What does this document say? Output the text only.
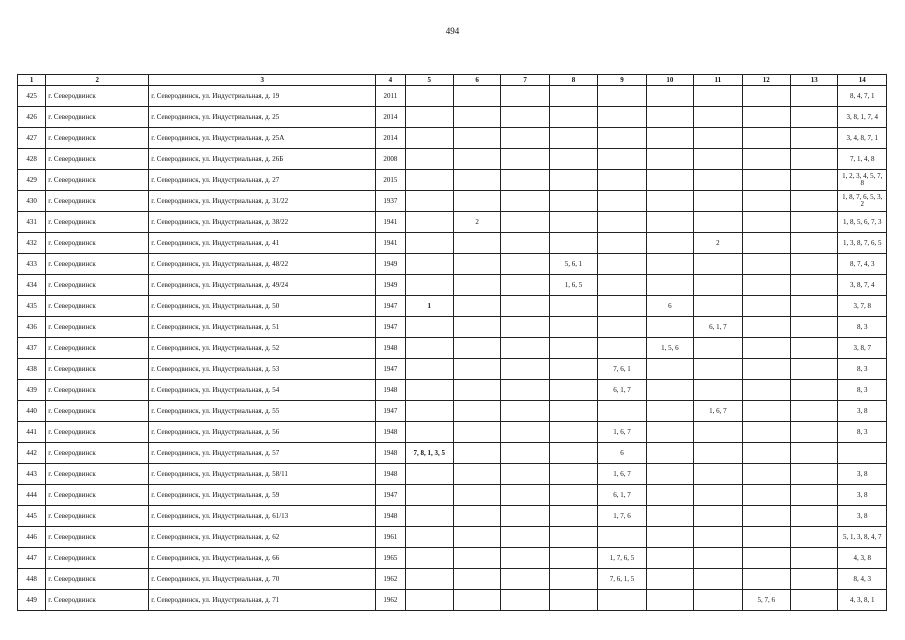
494
1	2	3	4	5	6	7	8	9	10	11	12	13	14
425	г. Северодвинск	г. Северодвинск, ул. Индустриальная, д. 19	2011										8, 4, 7, 1
426	г. Северодвинск	г. Северодвинск, ул. Индустриальная, д. 25	2014										3, 8, 1, 7, 4
427	г. Северодвинск	г. Северодвинск, ул. Индустриальная, д. 25А	2014										3, 4, 8, 7, 1
428	г. Северодвинск	г. Северодвинск, ул. Индустриальная, д. 26Б	2008										7, 1, 4, 8
429	г. Северодвинск	г. Северодвинск, ул. Индустриальная, д. 27	2015										1, 2, 3, 4, 5, 7, 8
430	г. Северодвинск	г. Северодвинск, ул. Индустриальная, д. 31/22	1937										1, 8, 7, 6, 5, 3, 2
431	г. Северодвинск	г. Северодвинск, ул. Индустриальная, д. 38/22	1941		2								1, 8, 5, 6, 7, 3
432	г. Северодвинск	г. Северодвинск, ул. Индустриальная, д. 41	1941							2			1, 3, 8, 7, 6, 5
433	г. Северодвинск	г. Северодвинск, ул. Индустриальная, д. 48/22	1949				5, 6, 1						8, 7, 4, 3
434	г. Северодвинск	г. Северодвинск, ул. Индустриальная, д. 49/24	1949				1, 6, 5						3, 8, 7, 4
435	г. Северодвинск	г. Северодвинск, ул. Индустриальная, д. 50	1947	1					6				3, 7, 8
436	г. Северодвинск	г. Северодвинск, ул. Индустриальная, д. 51	1947							6, 1, 7			8, 3
437	г. Северодвинск	г. Северодвинск, ул. Индустриальная, д. 52	1948						1, 5, 6				3, 8, 7
438	г. Северодвинск	г. Северодвинск, ул. Индустриальная, д. 53	1947					7, 6, 1					8, 3
439	г. Северодвинск	г. Северодвинск, ул. Индустриальная, д. 54	1948					6, 1, 7					8, 3
440	г. Северодвинск	г. Северодвинск, ул. Индустриальная, д. 55	1947							1, 6, 7			3, 8
441	г. Северодвинск	г. Северодвинск, ул. Индустриальная, д. 56	1948					1, 6, 7					8, 3
442	г. Северодвинск	г. Северодвинск, ул. Индустриальная, д. 57	1948	7, 8, 1, 3, 5				6					
443	г. Северодвинск	г. Северодвинск, ул. Индустриальная, д. 58/11	1948					1, 6, 7					3, 8
444	г. Северодвинск	г. Северодвинск, ул. Индустриальная, д. 59	1947					6, 1, 7					3, 8
445	г. Северодвинск	г. Северодвинск, ул. Индустриальная, д. 61/13	1948					1, 7, 6					3, 8
446	г. Северодвинск	г. Северодвинск, ул. Индустриальная, д. 62	1961										5, 1, 3, 8, 4, 7
447	г. Северодвинск	г. Северодвинск, ул. Индустриальная, д. 66	1965					1, 7, 6, 5					4, 3, 8
448	г. Северодвинск	г. Северодвинск, ул. Индустриальная, д. 70	1962					7, 6, 1, 5					8, 4, 3
449	г. Северодвинск	г. Северодвинск, ул. Индустриальная, д. 71	1962								5, 7, 6		4, 3, 8, 1
